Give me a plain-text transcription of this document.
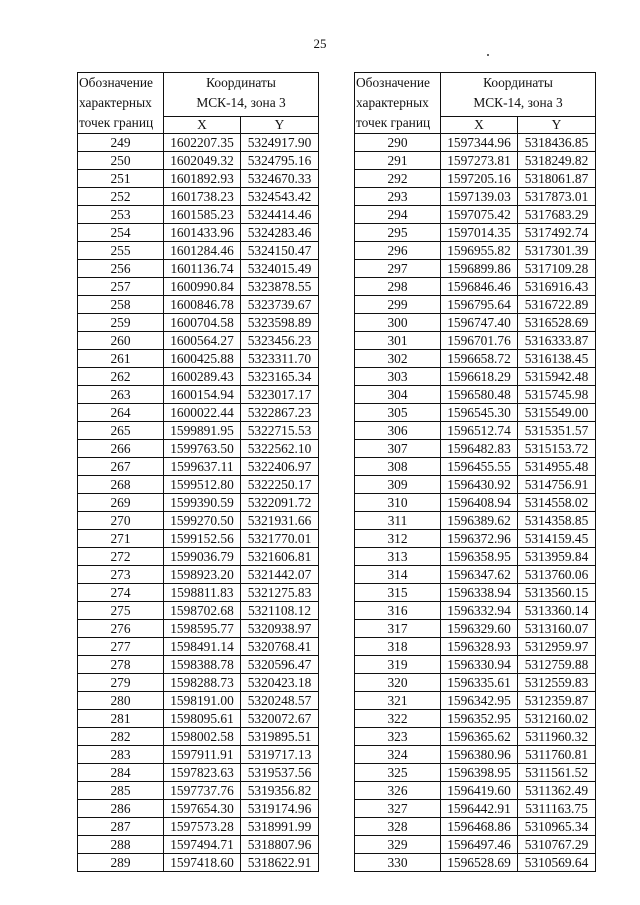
25
Обозначение
характерных
точек границ	Координаты
МСК-14, зона 3	
	X	Y
249	1602207.35	5324917.90
250	1602049.32	5324795.16
251	1601892.93	5324670.33
252	1601738.23	5324543.42
253	1601585.23	5324414.46
254	1601433.96	5324283.46
255	1601284.46	5324150.47
256	1601136.74	5324015.49
257	1600990.84	5323878.55
258	1600846.78	5323739.67
259	1600704.58	5323598.89
260	1600564.27	5323456.23
261	1600425.88	5323311.70
262	1600289.43	5323165.34
263	1600154.94	5323017.17
264	1600022.44	5322867.23
265	1599891.95	5322715.53
266	1599763.50	5322562.10
267	1599637.11	5322406.97
268	1599512.80	5322250.17
269	1599390.59	5322091.72
270	1599270.50	5321931.66
271	1599152.56	5321770.01
272	1599036.79	5321606.81
273	1598923.20	5321442.07
274	1598811.83	5321275.83
275	1598702.68	5321108.12
276	1598595.77	5320938.97
277	1598491.14	5320768.41
278	1598388.78	5320596.47
279	1598288.73	5320423.18
280	1598191.00	5320248.57
281	1598095.61	5320072.67
282	1598002.58	5319895.51
283	1597911.91	5319717.13
284	1597823.63	5319537.56
285	1597737.76	5319356.82
286	1597654.30	5319174.96
287	1597573.28	5318991.99
288	1597494.71	5318807.96
289	1597418.60	5318622.91
Обозначение
характерных
точек границ	Координаты
МСК-14, зона 3	
	X	Y
290	1597344.96	5318436.85
291	1597273.81	5318249.82
292	1597205.16	5318061.87
293	1597139.03	5317873.01
294	1597075.42	5317683.29
295	1597014.35	5317492.74
296	1596955.82	5317301.39
297	1596899.86	5317109.28
298	1596846.46	5316916.43
299	1596795.64	5316722.89
300	1596747.40	5316528.69
301	1596701.76	5316333.87
302	1596658.72	5316138.45
303	1596618.29	5315942.48
304	1596580.48	5315745.98
305	1596545.30	5315549.00
306	1596512.74	5315351.57
307	1596482.83	5315153.72
308	1596455.55	5314955.48
309	1596430.92	5314756.91
310	1596408.94	5314558.02
311	1596389.62	5314358.85
312	1596372.96	5314159.45
313	1596358.95	5313959.84
314	1596347.62	5313760.06
315	1596338.94	5313560.15
316	1596332.94	5313360.14
317	1596329.60	5313160.07
318	1596328.93	5312959.97
319	1596330.94	5312759.88
320	1596335.61	5312559.83
321	1596342.95	5312359.87
322	1596352.95	5312160.02
323	1596365.62	5311960.32
324	1596380.96	5311760.81
325	1596398.95	5311561.52
326	1596419.60	5311362.49
327	1596442.91	5311163.75
328	1596468.86	5310965.34
329	1596497.46	5310767.29
330	1596528.69	5310569.64
